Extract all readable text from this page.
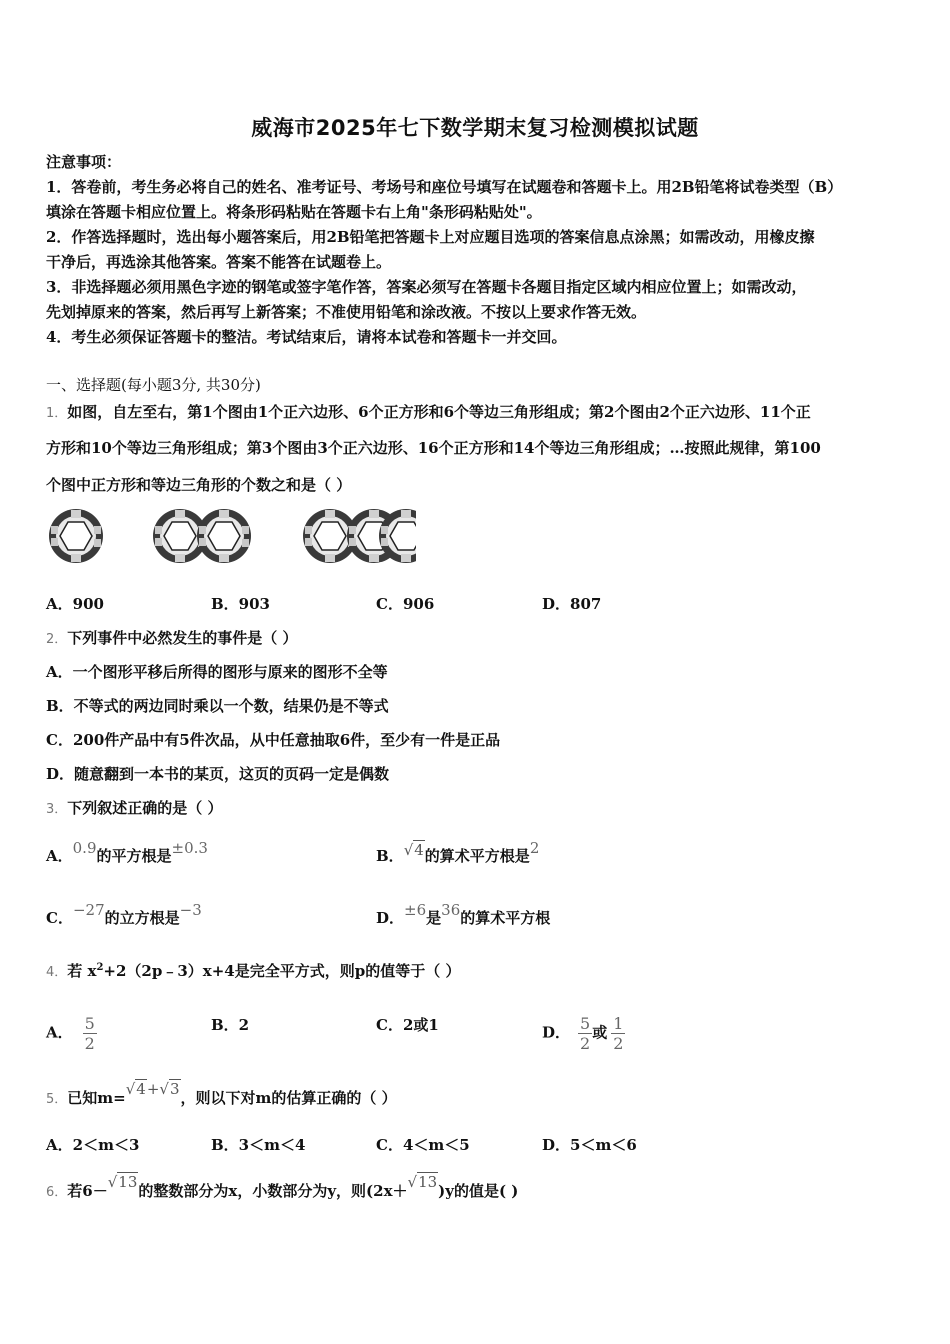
威海市2025年七下数学期末复习检测模拟试题
注意事项：
1．答卷前，考生务必将自己的姓名、准考证号、考场号和座位号填写在试题卷和答题卡上。用2B铅笔将试卷类型（B）
填涂在答题卡相应位置上。将条形码粘贴在答题卡右上角"条形码粘贴处"。
2．作答选择题时，选出每小题答案后，用2B铅笔把答题卡上对应题目选项的答案信息点涂黑；如需改动，用橡皮擦
干净后，再选涂其他答案。答案不能答在试题卷上。
3．非选择题必须用黑色字迹的钢笔或签字笔作答，答案必须写在答题卡各题目指定区域内相应位置上；如需改动，
先划掉原来的答案，然后再写上新答案；不准使用铅笔和涂改液。不按以上要求作答无效。
4．考生必须保证答题卡的整洁。考试结束后，请将本试卷和答题卡一并交回。
一、选择题(每小题3分, 共30分)
1．如图，自左至右，第1个图由1个正六边形、6个正方形和6个等边三角形组成；第2个图由2个正六边形、11个正
方形和10个等边三角形组成；第3个图由3个正六边形、16个正方形和14个等边三角形组成；…按照此规律，第100
个图中正方形和等边三角形的个数之和是（ ）
A．900	B．903	C．906	D．807
2．下列事件中必然发生的事件是（ ）
A．一个图形平移后所得的图形与原来的图形不全等
B．不等式的两边同时乘以一个数，结果仍是不等式
C．200件产品中有5件次品，从中任意抽取6件，至少有一件是正品
D．随意翻到一本书的某页，这页的页码一定是偶数
3．下列叙述正确的是（ ）
A．0.9的平方根是±0.3	B．√4的算术平方根是2
C．−27的立方根是−3	D．±6是36的算术平方根
4．若 $x^2+2(2p﹣3)x+4$是完全平方式，则p的值等于（ ）
A． $\frac{5}{2}$	B．2	C．2或1	D． $\frac{5}{2}$ 或 $\frac{1}{2}$
5．已知m=√4+√3，则以下对m的估算正确的（ ）
A．2＜m＜3	B．3＜m＜4	C．4＜m＜5	D．5＜m＜6
6．若6－√13的整数部分为x，小数部分为y，则(2x＋√13)y的值是( )
